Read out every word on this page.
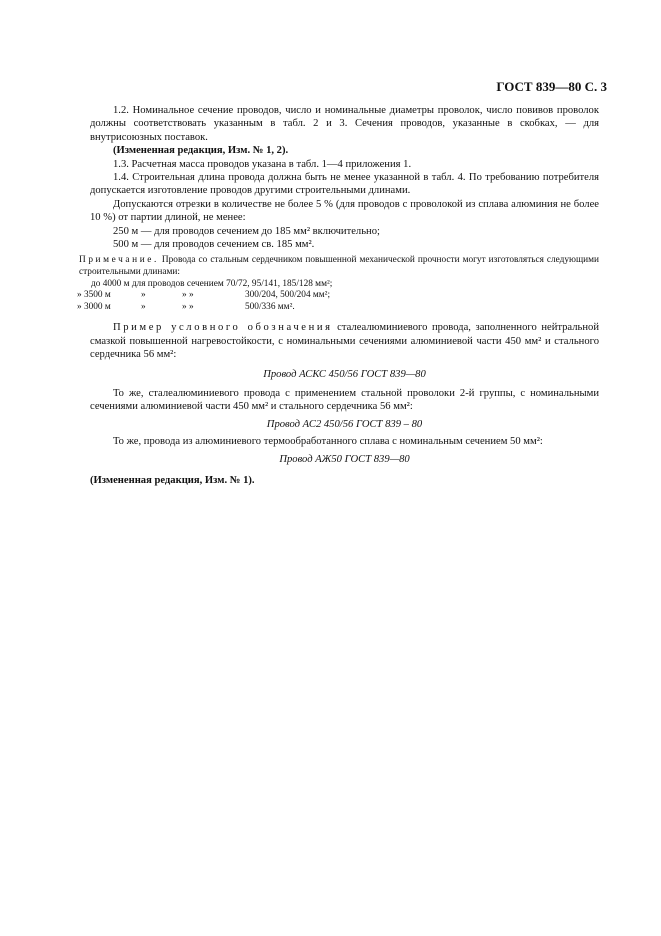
ГОСТ 839—80 С. 3

1.2. Номинальное сечение проводов, число и номинальные диаметры проволок, число повивов проволок должны соответствовать указанным в табл. 2 и 3. Сечения проводов, указанные в скобках, — для внутрисоюзных поставок.

(Измененная редакция, Изм. № 1, 2).

1.3. Расчетная масса проводов указана в табл. 1—4 приложения 1.

1.4. Строительная длина провода должна быть не менее указанной в табл. 4. По требованию потребителя допускается изготовление проводов другими строительными длинами.

Допускаются отрезки в количестве не более 5 % (для проводов с проволокой из сплава алюминия не более 10 %) от партии длиной, не менее:

250 м — для проводов сечением до 185 мм² включительно;

500 м — для проводов сечением св. 185 мм².

Примечание. Провода со стальным сердечником повышенной механической прочности могут изготовляться следующими строительными длинами:

до 4000 м для проводов сечением 70/72, 95/141, 185/128 мм²;
» 3500 м	»	» »	300/204, 500/204 мм²;
» 3000 м	»	» »	500/336 мм².

Пример условного обозначения сталеалюминиевого провода, заполненного нейтральной смазкой повышенной нагревостойкости, с номинальными сечениями алюминиевой части 450 мм² и стального сердечника 56 мм²:

Провод АСКС 450/56 ГОСТ 839—80

То же, сталеалюминиевого провода с применением стальной проволоки 2-й группы, с номинальными сечениями алюминиевой части 450 мм² и стального сердечника 56 мм²:

Провод АС2 450/56 ГОСТ 839 – 80

То же, провода из алюминиевого термообработанного сплава с номинальным сечением 50 мм²:

Провод АЖ50 ГОСТ 839—80

(Измененная редакция, Изм. № 1).
